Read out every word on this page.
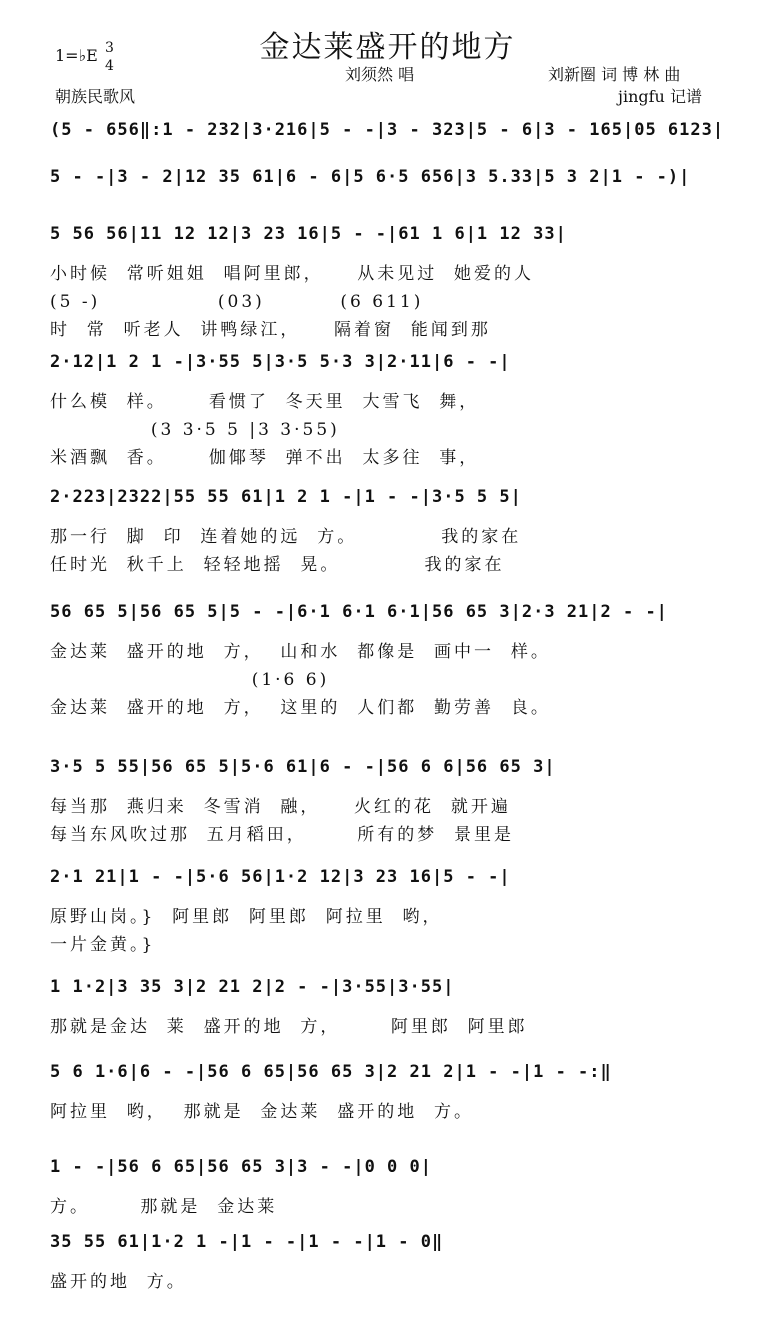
金达莱盛开的地方
1=♭E 3
4
朝族民歌风
刘须然 唱	刘新圈 词 博 林 曲
jingfu 记谱
(5 - 656‖:1 - 232|3·216|5 - -|3 - 323|5 - 6|3 - 165|05 6123|
5 - -|3 - 2|12 35 61|6 - 6|5 6·5 656|3 5.33|5 3 2|1 - -)|
5 56 56|11 12 12|3 23 16|5 - -|61 1 6|1 12 33|
小时候  常听姐姐  唱阿里郎，    从未见过  她爱的人
(5 -)              (03)         (6 611)
时  常  听老人  讲鸭绿江，    隔着窗  能闻到那
2·12|1 2 1 -|3·55 5|3·5 5·3 3|2·11|6 - -|
什么模  样。     看惯了  冬天里  大雪飞  舞，
(3 3·5 5 |3 3·55)
米酒飘  香。     伽倻琴  弹不出  太多往  事，
2·223|2322|55 55 61|1 2 1 -|1 - -|3·5 5 5|
那一行  脚  印  连着她的远  方。          我的家在
任时光  秋千上  轻轻地摇  晃。          我的家在
56 65 5|56 65 5|5 - -|6·1 6·1 6·1|56 65 3|2·3 21|2 - -|
金达莱  盛开的地  方，  山和水  都像是  画中一  样。
(1·6 6)
金达莱  盛开的地  方，  这里的  人们都  勤劳善  良。
3·5 5 55|56 65 5|5·6 61|6 - -|56 6 6|56 65 3|
每当那  燕归来  冬雪消  融，    火红的花  就开遍
每当东风吹过那  五月稻田，      所有的梦  景里是
2·1 21|1 - -|5·6 56|1·2 12|3 23 16|5 - -|
原野山岗。}  阿里郎  阿里郎  阿拉里  哟，
一片金黄。}
1 1·2|3 35 3|2 21 2|2 - -|3·55|3·55|
那就是金达  莱  盛开的地  方，      阿里郎  阿里郎
5 6 1·6|6 - -|56 6 65|56 65 3|2 21 2|1 - -|1 - -:‖
阿拉里  哟，  那就是  金达莱  盛开的地  方。
1 - -|56 6 65|56 65 3|3 - -|0 0 0|
方。      那就是  金达莱
35 55 61|1·2 1 -|1 - -|1 - -|1 - 0‖
盛开的地  方。
